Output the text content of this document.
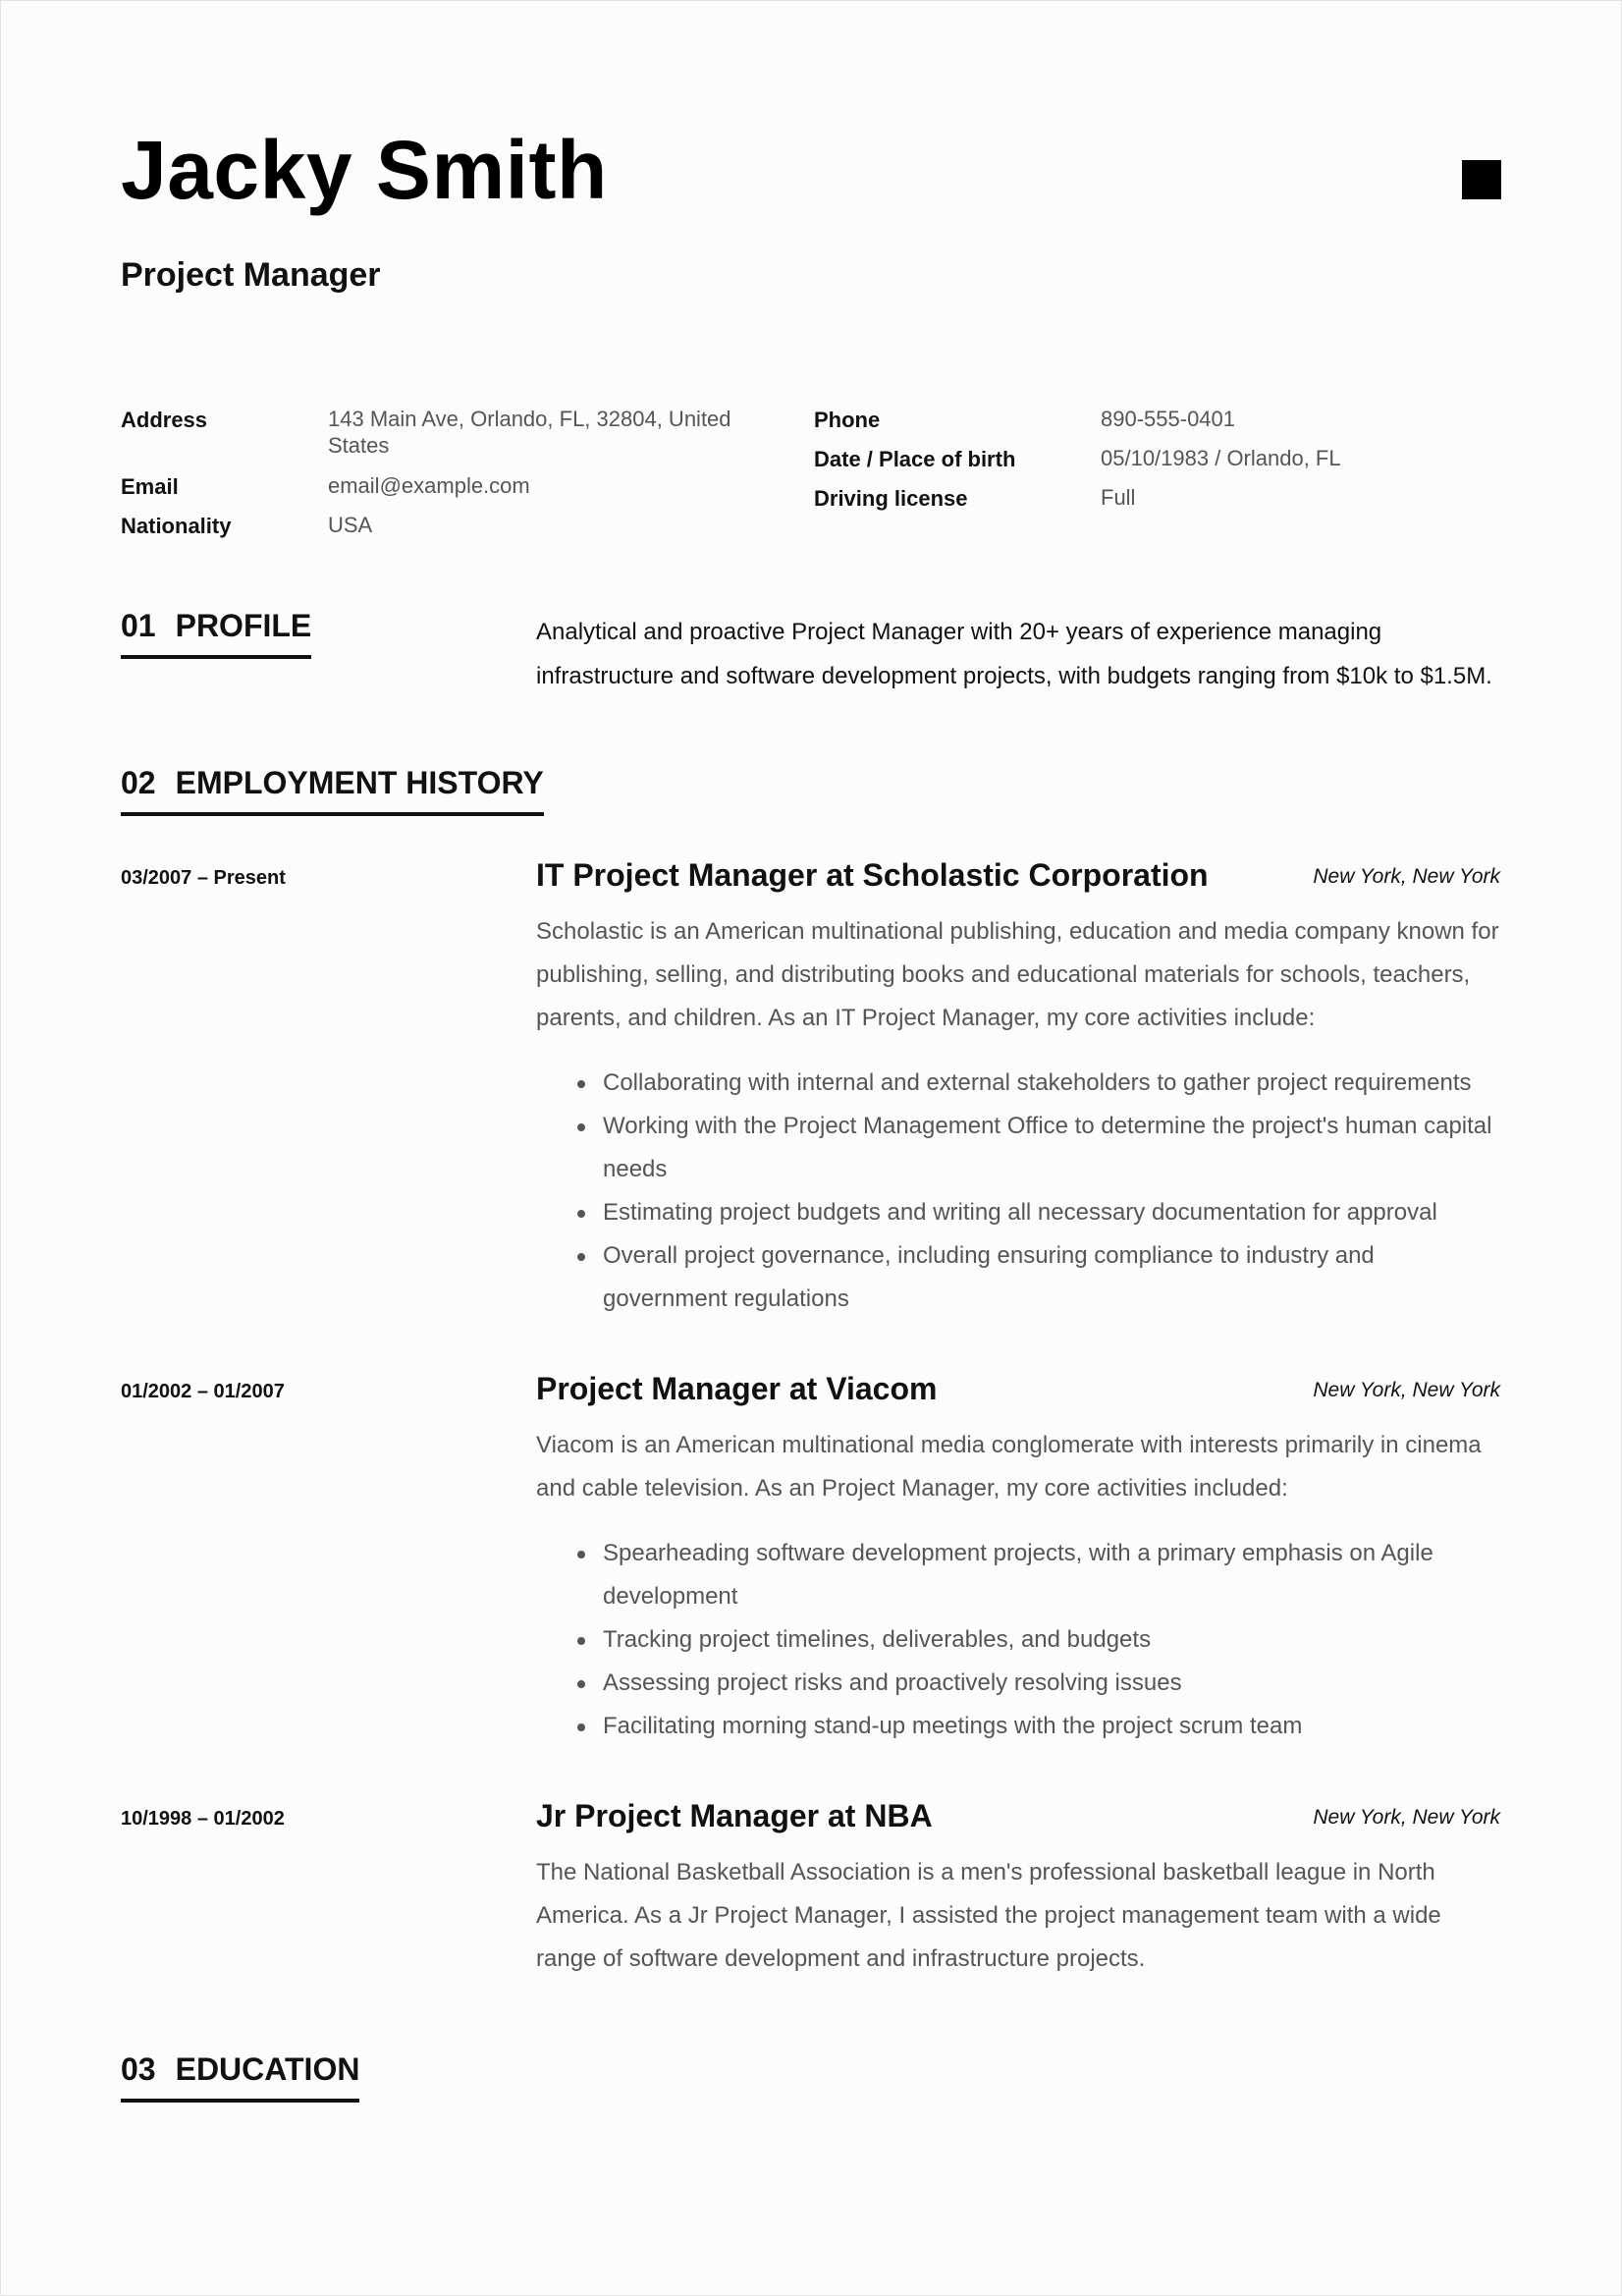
Jacky Smith
Project Manager
Address	143 Main Ave, Orlando, FL, 32804, United States
Email	email@example.com
Nationality	USA
Phone	890-555-0401
Date / Place of birth	05/10/1983 / Orlando, FL
Driving license	Full
01 PROFILE	Analytical and proactive Project Manager with 20+ years of experience managing infrastructure and software development projects, with budgets ranging from $10k to $1.5M.
02 EMPLOYMENT HISTORY
03/2007 – Present	IT Project Manager at Scholastic Corporation	New York, New York
Scholastic is an American multinational publishing, education and media company known for publishing, selling, and distributing books and educational materials for schools, teachers, parents, and children. As an IT Project Manager, my core activities include:
Collaborating with internal and external stakeholders to gather project requirements
Working with the Project Management Office to determine the project's human capital needs
Estimating project budgets and writing all necessary documentation for approval
Overall project governance, including ensuring compliance to industry and government regulations
01/2002 – 01/2007	Project Manager at Viacom	New York, New York
Viacom is an American multinational media conglomerate with interests primarily in cinema and cable television. As an Project Manager, my core activities included:
Spearheading software development projects, with a primary emphasis on Agile development
Tracking project timelines, deliverables, and budgets
Assessing project risks and proactively resolving issues
Facilitating morning stand-up meetings with the project scrum team
10/1998 – 01/2002	Jr Project Manager at NBA	New York, New York
The National Basketball Association is a men's professional basketball league in North America. As a Jr Project Manager, I assisted the project management team with a wide range of software development and infrastructure projects.
03 EDUCATION
